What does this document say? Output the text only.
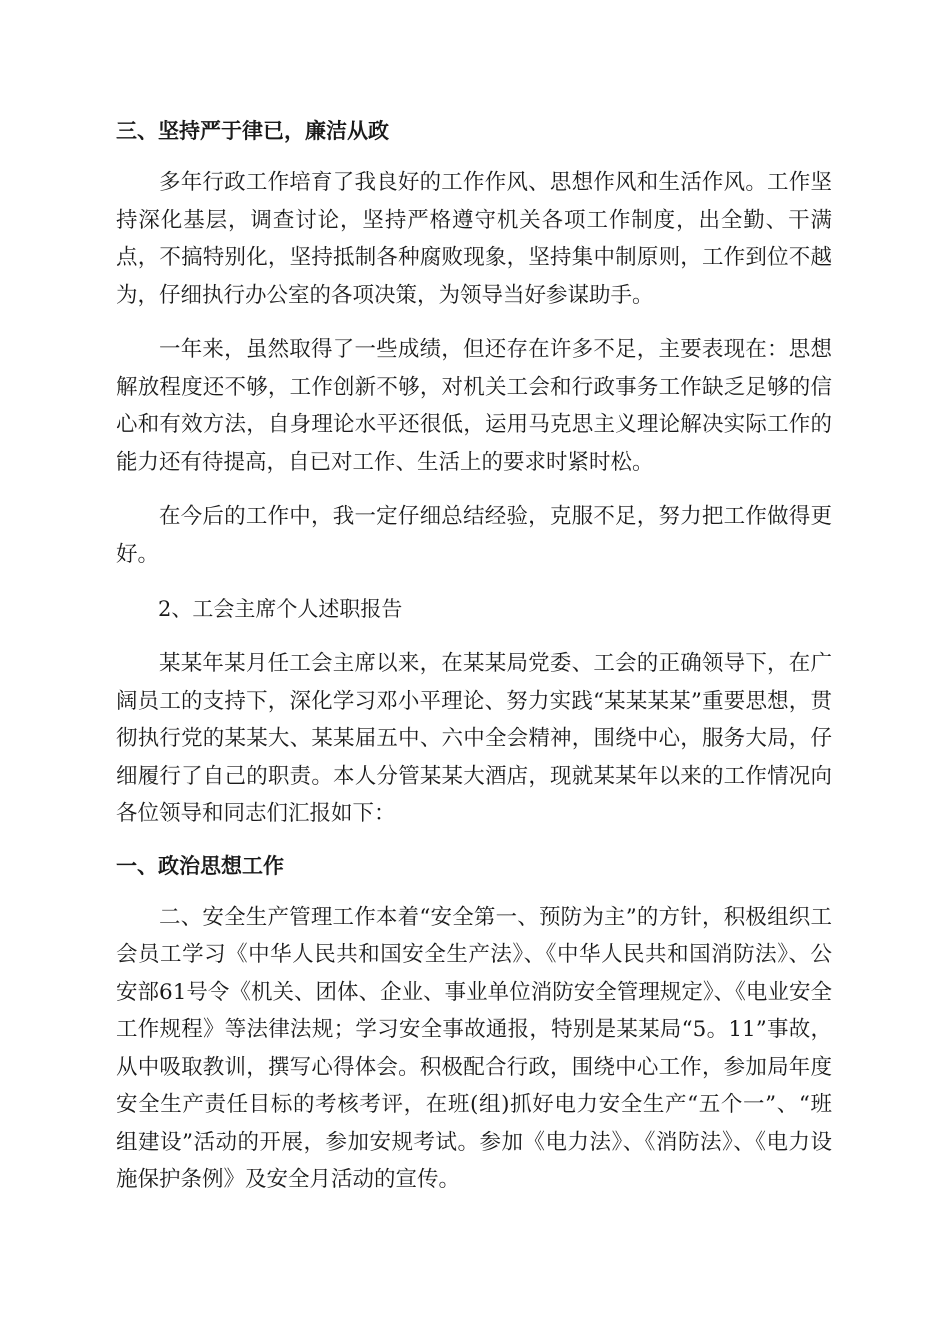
三、坚持严于律已，廉洁从政

多年行政工作培育了我良好的工作作风、思想作风和生活作风。工作坚持深化基层，调查讨论，坚持严格遵守机关各项工作制度，出全勤、干满点，不搞特别化，坚持抵制各种腐败现象，坚持集中制原则，工作到位不越为，仔细执行办公室的各项决策，为领导当好参谋助手。

一年来，虽然取得了一些成绩，但还存在许多不足，主要表现在：思想解放程度还不够，工作创新不够，对机关工会和行政事务工作缺乏足够的信心和有效方法，自身理论水平还很低，运用马克思主义理论解决实际工作的能力还有待提高，自已对工作、生活上的要求时紧时松。

在今后的工作中，我一定仔细总结经验，克服不足，努力把工作做得更好。

2、工会主席个人述职报告

某某年某月任工会主席以来，在某某局党委、工会的正确领导下，在广阔员工的支持下，深化学习邓小平理论、努力实践“某某某某”重要思想，贯彻执行党的某某大、某某届五中、六中全会精神，围绕中心，服务大局，仔细履行了自己的职责。本人分管某某大酒店，现就某某年以来的工作情况向各位领导和同志们汇报如下：

一、政治思想工作

二、安全生产管理工作本着“安全第一、预防为主”的方针，积极组织工会员工学习《中华人民共和国安全生产法》、《中华人民共和国消防法》、公安部61号令《机关、团体、企业、事业单位消防安全管理规定》、《电业安全工作规程》等法律法规；学习安全事故通报，特别是某某局“5。11”事故，从中吸取教训，撰写心得体会。积极配合行政，围绕中心工作，参加局年度安全生产责任目标的考核考评，在班(组)抓好电力安全生产“五个一”、“班组建设”活动的开展，参加安规考试。参加《电力法》、《消防法》、《电力设施保护条例》及安全月活动的宣传。
